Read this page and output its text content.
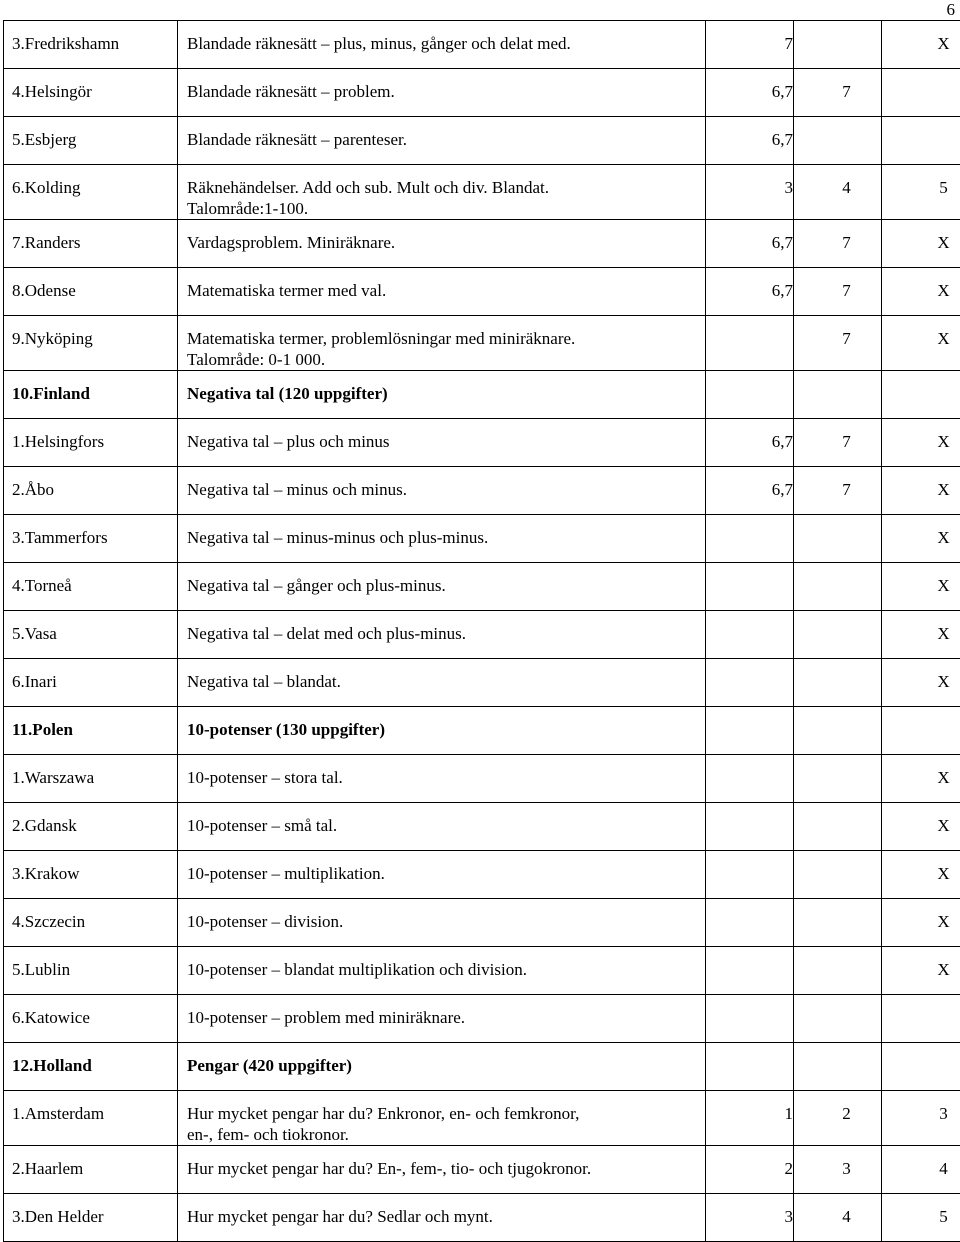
6
3.Fredrikshamn	Blandade räknesätt – plus, minus, gånger och delat med.	7		X

4.Helsingör	Blandade räknesätt – problem.	6,7	7	

5.Esbjerg	Blandade räknesätt – parenteser.	6,7		

6.Kolding	Räknehändelser. Add och sub. Mult och div. Blandat.
Talområde:1-100.	3	4	5

7.Randers	Vardagsproblem. Miniräknare.	6,7	7	X

8.Odense	Matematiska termer med val.	6,7	7	X

9.Nyköping	Matematiska termer, problemlösningar med miniräknare.
Talområde: 0-1 000.		7	X

10.Finland	Negativa tal (120 uppgifter)			

1.Helsingfors	Negativa tal – plus och minus	6,7	7	X

2.Åbo	Negativa tal – minus och minus.	6,7	7	X

3.Tammerfors	Negativa tal – minus-minus och plus-minus.			X

4.Torneå	Negativa tal – gånger och plus-minus.			X

5.Vasa	Negativa tal – delat med och plus-minus.			X

6.Inari	Negativa tal – blandat.			X

11.Polen	10-potenser (130 uppgifter)			

1.Warszawa	10-potenser – stora tal.			X

2.Gdansk	10-potenser – små tal.			X

3.Krakow	10-potenser – multiplikation.			X

4.Szczecin	10-potenser – division.			X

5.Lublin	10-potenser – blandat multiplikation och division.			X

6.Katowice	10-potenser – problem med miniräknare.			

12.Holland	Pengar (420 uppgifter)			

1.Amsterdam	Hur mycket pengar har du? Enkronor, en- och femkronor,
en-, fem- och tiokronor.	1	2	3

2.Haarlem	Hur mycket pengar har du? En-, fem-, tio- och tjugokronor.	2	3	4

3.Den Helder	Hur mycket pengar har du? Sedlar och mynt.	3	4	5
